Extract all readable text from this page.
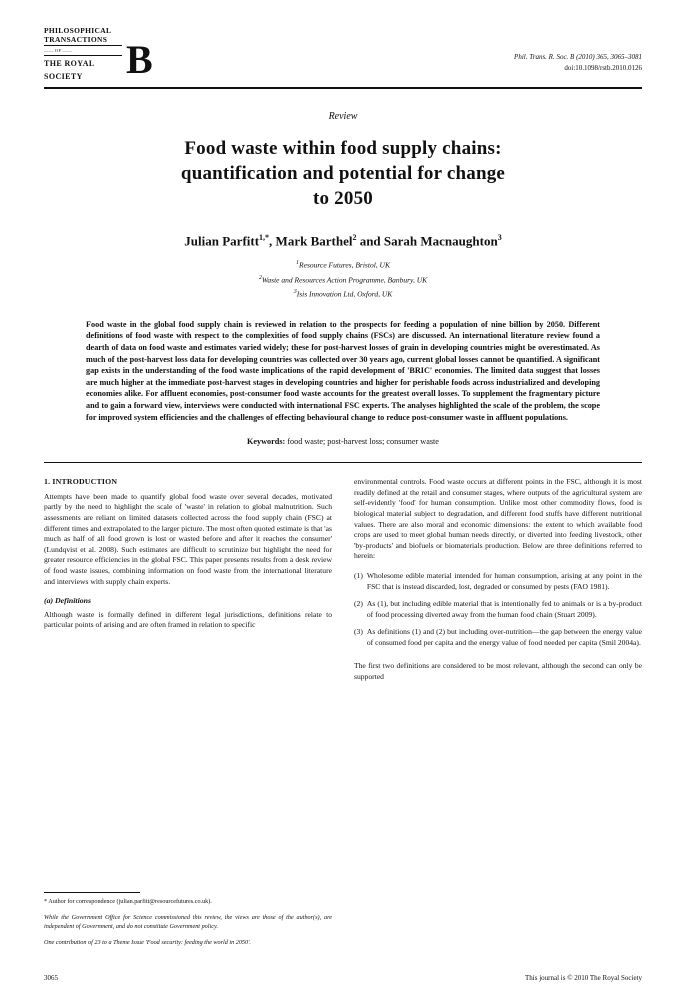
PHILOSOPHICAL
TRANSACTIONS
—— OF ——
THE ROYAL
SOCIETY	B	Phil. Trans. R. Soc. B (2010) 365, 3065–3081
doi:10.1098/rstb.2010.0126
Review
Food waste within food supply chains:
quantification and potential for change
to 2050
Julian Parfitt$^{1,*}$, Mark Barthel$^2$ and Sarah Macnaughton$^3$
$^1$Resource Futures, Bristol, UK
$^2$Waste and Resources Action Programme, Banbury, UK
$^3$Isis Innovation Ltd, Oxford, UK
Food waste in the global food supply chain is reviewed in relation to the prospects for feeding a population of nine billion by 2050. Different definitions of food waste with respect to the complexities of food supply chains (FSCs) are discussed. An international literature review found a dearth of data on food waste and estimates varied widely; these for post-harvest losses of grain in developing countries might be overestimated. As much of the post-harvest loss data for developing countries was collected over 30 years ago, current global losses cannot be quantified. A significant gap exists in the understanding of the food waste implications of the rapid development of 'BRIC' economies. The limited data suggest that losses are much higher at the immediate post-harvest stages in developing countries and higher for perishable foods across industrialized and developing economies alike. For affluent economies, post-consumer food waste accounts for the greatest overall losses. To supplement the fragmentary picture and to gain a forward view, interviews were conducted with international FSC experts. The analyses highlighted the scale of the problem, the scope for improved system efficiencies and the challenges of effecting behavioural change to reduce post-consumer waste in affluent populations.
Keywords: food waste; post-harvest loss; consumer waste
1. INTRODUCTION

Attempts have been made to quantify global food waste over several decades, motivated partly by the need to highlight the scale of 'waste' in relation to global malnutrition. Such assessments are reliant on limited datasets collected across the food supply chain (FSC) at different times and extrapolated to the larger picture. The most often quoted estimate is that 'as much as half of all food grown is lost or wasted before and after it reaches the consumer' (Lundqvist et al. 2008). Such estimates are difficult to scrutinize but highlight the need for greater resource efficiencies in the global FSC. This paper presents results from a desk review of food waste issues, combining information on food waste from the international literature and interviews with supply chain experts.

(a) Definitions

Although waste is formally defined in different legal jurisdictions, definitions relate to particular points of arising and are often framed in relation to specific

environmental controls. Food waste occurs at different points in the FSC, although it is most readily defined at the retail and consumer stages, where outputs of the agricultural system are self-evidently 'food' for human consumption. Unlike most other commodity flows, food is biological material subject to degradation, and different food stuffs have different nutritional values. There are also moral and economic dimensions: the extent to which available food crops are used to meet global human needs directly, or diverted into feeding livestock, other 'by-products' and biofuels or biomaterials production. Below are three definitions referred to herein:

(1) Wholesome edible material intended for human consumption, arising at any point in the FSC that is instead discarded, lost, degraded or consumed by pests (FAO 1981).
(2) As (1), but including edible material that is intentionally fed to animals or is a by-product of food processing diverted away from the human food chain (Stuart 2009).
(3) As definitions (1) and (2) but including over-nutrition—the gap between the energy value of consumed food per capita and the energy value of food needed per capita (Smil 2004a).

The first two definitions are considered to be most relevant, although the second can only be supported

* Author for correspondence (julian.parfitt@resourcefutures.co.uk).
While the Government Office for Science commissioned this review, the views are those of the author(s), are independent of Government, and do not constitute Government policy.
One contribution of 23 to a Theme Issue 'Food security: feeding the world in 2050'.
3065	This journal is © 2010 The Royal Society
